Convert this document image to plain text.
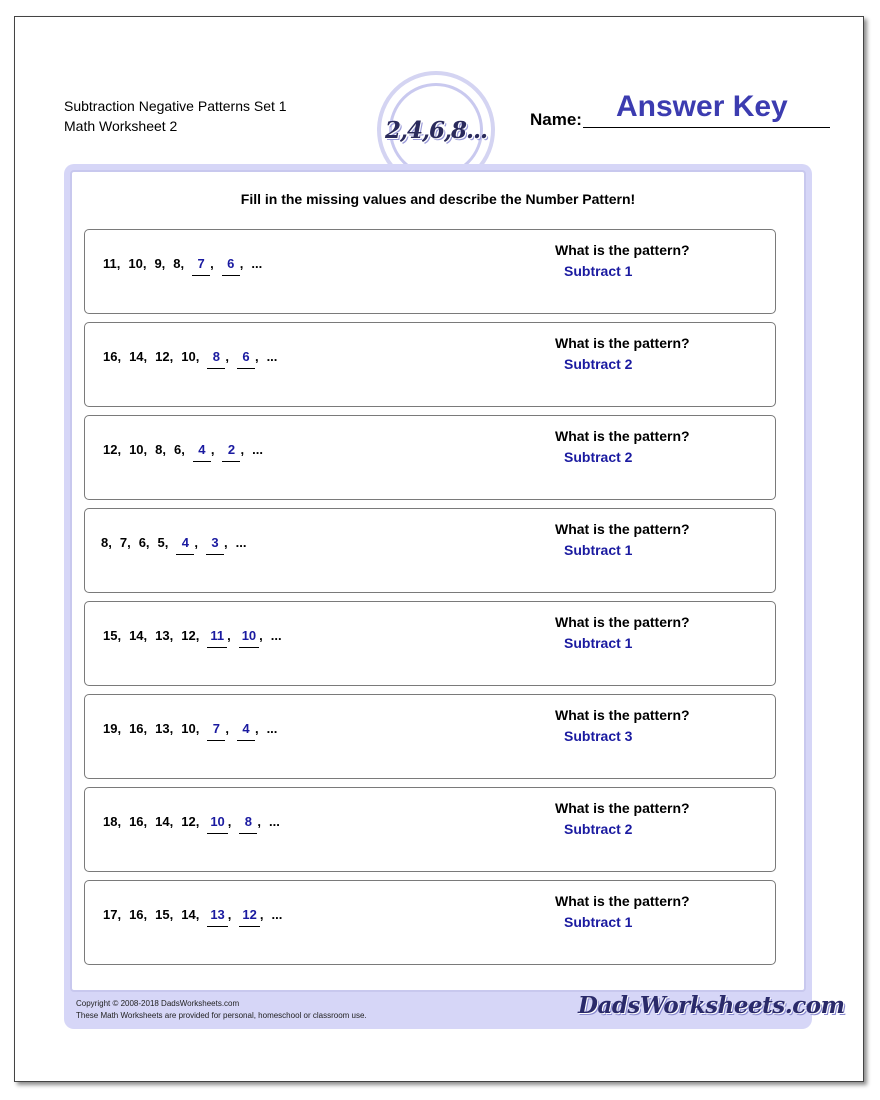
Subtraction Negative Patterns Set 1
Math Worksheet 2	2,4,6,8...	Name: Answer Key
Fill in the missing values and describe the Number Pattern!
11, 10, 9, 8, 7 , 6 , ...
What is the pattern?
Subtract 1
16, 14, 12, 10, 8 , 6 , ...
What is the pattern?
Subtract 2
12, 10, 8, 6, 4 , 2 , ...
What is the pattern?
Subtract 2
8, 7, 6, 5, 4 , 3 , ...
What is the pattern?
Subtract 1
15, 14, 13, 12, 11 , 10 , ...
What is the pattern?
Subtract 1
19, 16, 13, 10, 7 , 4 , ...
What is the pattern?
Subtract 3
18, 16, 14, 12, 10 , 8 , ...
What is the pattern?
Subtract 2
17, 16, 15, 14, 13 , 12 , ...
What is the pattern?
Subtract 1
Copyright © 2008-2018 DadsWorksheets.com
These Math Worksheets are provided for personal, homeschool or classroom use.	DadsWorksheets.com
